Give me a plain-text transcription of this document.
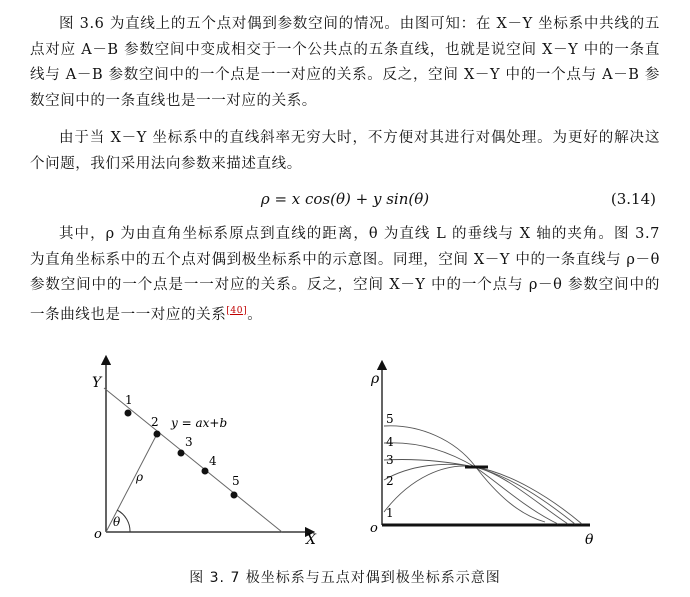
图 3.6 为直线上的五个点对偶到参数空间的情况。由图可知：在 X－Y 坐标系中共线的五点对应 A－B 参数空间中变成相交于一个公共点的五条直线，也就是说空间 X－Y 中的一条直线与 A－B 参数空间中的一个点是一一对应的关系。反之，空间 X－Y 中的一个点与 A－B 参数空间中的一条直线也是一一对应的关系。
由于当 X－Y 坐标系中的直线斜率无穷大时，不方便对其进行对偶处理。为更好的解决这个问题，我们采用法向参数来描述直线。
ρ = x cos(θ) + y sin(θ)	(3.14)
其中，ρ 为由直角坐标系原点到直线的距离，θ 为直线 L 的垂线与 X 轴的夹角。图 3.7 为直角坐标系中的五个点对偶到极坐标系中的示意图。同理，空间 X－Y 中的一条直线与 ρ－θ 参数空间中的一个点是一一对应的关系。反之，空间 X－Y 中的一个点与 ρ－θ 参数空间中的一条曲线也是一一对应的关系[40]。
Y
X
o
θ
ρ
1
2
3
4
5
y = ax+b
ρ
θ
o
5
4
3
2
1
图 3. 7 极坐标系与五点对偶到极坐标系示意图
